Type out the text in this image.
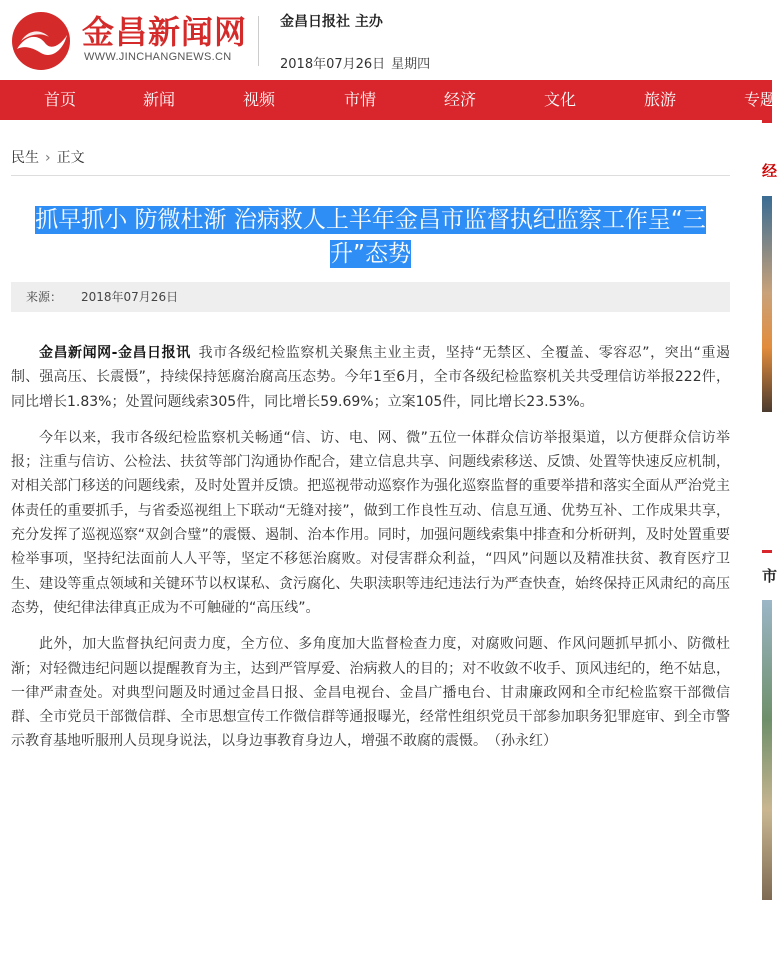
金昌新闻网
WWW.JINCHANGNEWS.CN
金昌日报社 主办
2018年07月26日 星期四
首页	新闻	视频	市情	经济	文化	旅游	专题
民生 › 正文
抓早抓小 防微杜渐 治病救人上半年金昌市监督执纪监察工作呈“三升”态势
来源： 2018年07月26日

金昌新闻网-金昌日报讯 我市各级纪检监察机关聚焦主业主责，坚持“无禁区、全覆盖、零容忍”，突出“重遏制、强高压、长震慑”，持续保持惩腐治腐高压态势。今年1至6月，全市各级纪检监察机关共受理信访举报222件，同比增长1.83%；处置问题线索305件，同比增长59.69%；立案105件，同比增长23.53%。

今年以来，我市各级纪检监察机关畅通“信、访、电、网、微”五位一体群众信访举报渠道，以方便群众信访举报；注重与信访、公检法、扶贫等部门沟通协作配合，建立信息共享、问题线索移送、反馈、处置等快速反应机制，对相关部门移送的问题线索，及时处置并反馈。把巡视带动巡察作为强化巡察监督的重要举措和落实全面从严治党主体责任的重要抓手，与省委巡视组上下联动“无缝对接”，做到工作良性互动、信息互通、优势互补、工作成果共享，充分发挥了巡视巡察“双剑合璧”的震慑、遏制、治本作用。同时，加强问题线索集中排查和分析研判，及时处置重要检举事项，坚持纪法面前人人平等，坚定不移惩治腐败。对侵害群众利益，“四风”问题以及精准扶贫、教育医疗卫生、建设等重点领域和关键环节以权谋私、贪污腐化、失职渎职等违纪违法行为严查快查，始终保持正风肃纪的高压态势，使纪律法律真正成为不可触碰的“高压线”。

此外，加大监督执纪问责力度，全方位、多角度加大监督检查力度，对腐败问题、作风问题抓早抓小、防微杜渐；对轻微违纪问题以提醒教育为主，达到严管厚爱、治病救人的目的；对不收敛不收手、顶风违纪的，绝不姑息，一律严肃查处。对典型问题及时通过金昌日报、金昌电视台、金昌广播电台、甘肃廉政网和全市纪检监察干部微信群、全市党员干部微信群、全市思想宣传工作微信群等通报曝光，经常性组织党员干部参加职务犯罪庭审、到全市警示教育基地听服刑人员现身说法，以身边事教育身边人，增强不敢腐的震慑。　（孙永红）

经
市
